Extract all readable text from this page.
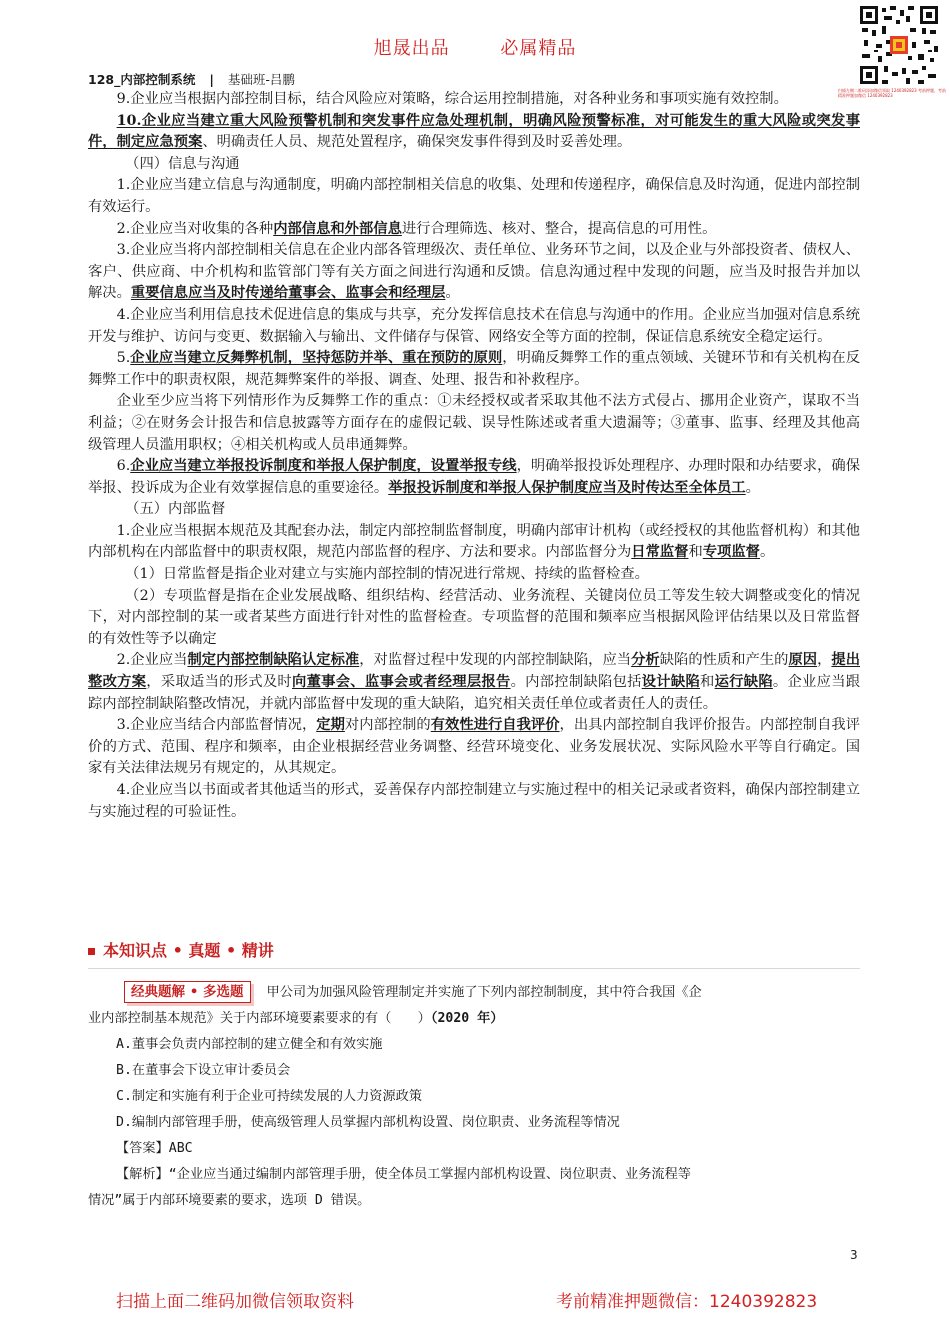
旭晟出品	必属精品
扫描左侧二维码添加微信领取 1240392823 考前押题，考前精准押题加微信 1240392823
128_内部控制系统 | 基础班-吕鹏

9.企业应当根据内部控制目标，结合风险应对策略，综合运用控制措施，对各种业务和事项实施有效控制。

10.企业应当建立重大风险预警机制和突发事件应急处理机制，明确风险预警标准，对可能发生的重大风险或突发事件，制定应急预案、明确责任人员、规范处置程序，确保突发事件得到及时妥善处理。

（四）信息与沟通

1.企业应当建立信息与沟通制度，明确内部控制相关信息的收集、处理和传递程序，确保信息及时沟通，促进内部控制有效运行。

2.企业应当对收集的各种内部信息和外部信息进行合理筛选、核对、整合，提高信息的可用性。

3.企业应当将内部控制相关信息在企业内部各管理级次、责任单位、业务环节之间，以及企业与外部投资者、债权人、客户、供应商、中介机构和监管部门等有关方面之间进行沟通和反馈。信息沟通过程中发现的问题，应当及时报告并加以解决。重要信息应当及时传递给董事会、监事会和经理层。

4.企业应当利用信息技术促进信息的集成与共享，充分发挥信息技术在信息与沟通中的作用。企业应当加强对信息系统开发与维护、访问与变更、数据输入与输出、文件储存与保管、网络安全等方面的控制，保证信息系统安全稳定运行。

5.企业应当建立反舞弊机制，坚持惩防并举、重在预防的原则，明确反舞弊工作的重点领域、关键环节和有关机构在反舞弊工作中的职责权限，规范舞弊案件的举报、调查、处理、报告和补救程序。

企业至少应当将下列情形作为反舞弊工作的重点：①未经授权或者采取其他不法方式侵占、挪用企业资产，谋取不当利益；②在财务会计报告和信息披露等方面存在的虚假记载、误导性陈述或者重大遗漏等；③董事、监事、经理及其他高级管理人员滥用职权；④相关机构或人员串通舞弊。

6.企业应当建立举报投诉制度和举报人保护制度，设置举报专线，明确举报投诉处理程序、办理时限和办结要求，确保举报、投诉成为企业有效掌握信息的重要途径。举报投诉制度和举报人保护制度应当及时传达至全体员工。

（五）内部监督

1.企业应当根据本规范及其配套办法，制定内部控制监督制度，明确内部审计机构（或经授权的其他监督机构）和其他内部机构在内部监督中的职责权限，规范内部监督的程序、方法和要求。内部监督分为日常监督和专项监督。

（1）日常监督是指企业对建立与实施内部控制的情况进行常规、持续的监督检查。

（2）专项监督是指在企业发展战略、组织结构、经营活动、业务流程、关键岗位员工等发生较大调整或变化的情况下，对内部控制的某一或者某些方面进行针对性的监督检查。专项监督的范围和频率应当根据风险评估结果以及日常监督的有效性等予以确定

2.企业应当制定内部控制缺陷认定标准，对监督过程中发现的内部控制缺陷，应当分析缺陷的性质和产生的原因，提出整改方案，采取适当的形式及时向董事会、监事会或者经理层报告。内部控制缺陷包括设计缺陷和运行缺陷。企业应当跟踪内部控制缺陷整改情况，并就内部监督中发现的重大缺陷，追究相关责任单位或者责任人的责任。

3.企业应当结合内部监督情况，定期对内部控制的有效性进行自我评价，出具内部控制自我评价报告。内部控制自我评价的方式、范围、程序和频率，由企业根据经营业务调整、经营环境变化、业务发展状况、实际风险水平等自行确定。国家有关法律法规另有规定的，从其规定。

4.企业应当以书面或者其他适当的形式，妥善保存内部控制建立与实施过程中的相关记录或者资料，确保内部控制建立与实施过程的可验证性。

本知识点 • 真题 • 精讲
经典题解 • 多选题 甲公司为加强风险管理制定并实施了下列内部控制制度，其中符合我国《企
业内部控制基本规范》关于内部环境要素要求的有（　　）（2020 年）
A.董事会负责内部控制的建立健全和有效实施
B.在董事会下设立审计委员会
C.制定和实施有利于企业可持续发展的人力资源政策
D.编制内部管理手册，使高级管理人员掌握内部机构设置、岗位职责、业务流程等情况
【答案】ABC
【解析】“企业应当通过编制内部管理手册，使全体员工掌握内部机构设置、岗位职责、业务流程等
情况”属于内部环境要素的要求，选项 D 错误。
3
扫描上面二维码加微信领取资料	考前精准押题微信：1240392823
